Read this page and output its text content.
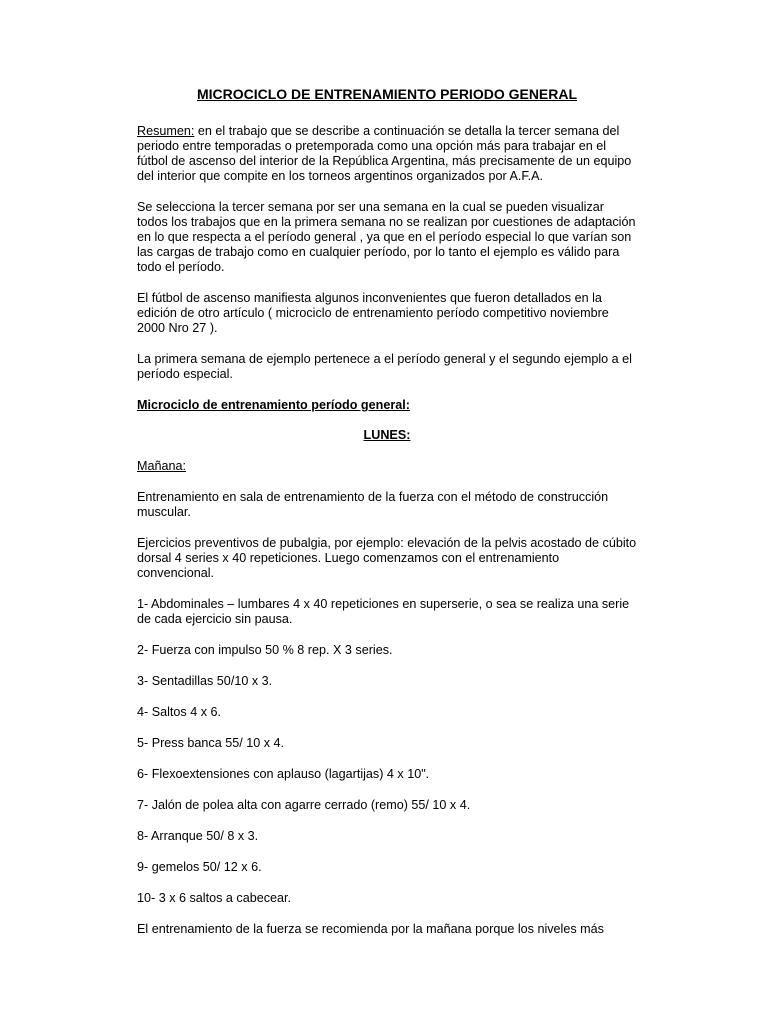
MICROCICLO DE ENTRENAMIENTO PERIODO GENERAL

Resumen: en el trabajo que se describe a continuación se detalla la tercer semana del periodo entre temporadas o pretemporada como una opción más para trabajar en el fútbol de ascenso del interior de la República Argentina, más precisamente de un equipo del interior que compite en los torneos argentinos organizados por A.F.A.

Se selecciona la tercer semana por ser una semana en la cual se pueden visualizar todos los trabajos que en la primera semana no se realizan por cuestiones de adaptación en lo que respecta a el período general , ya que en el período especial lo que varían son las cargas de trabajo como en cualquier período, por lo tanto el ejemplo es válido para todo el período.

El fútbol de ascenso manifiesta algunos inconvenientes que fueron detallados en la edición de otro artículo ( microciclo de entrenamiento período competitivo noviembre 2000 Nro 27 ).

La primera semana de ejemplo pertenece a el período general y el segundo ejemplo a el período especial.

Microciclo de entrenamiento período general:
LUNES:

Mañana:

Entrenamiento en sala de entrenamiento de la fuerza con el método de construcción muscular.

Ejercicios preventivos de pubalgia, por ejemplo: elevación de la pelvis acostado de cúbito dorsal 4 series x 40 repeticiones. Luego comenzamos con el entrenamiento convencional.

1- Abdominales – lumbares 4 x 40 repeticiones en superserie, o sea se realiza una serie de cada ejercicio sin pausa.
2- Fuerza con impulso 50 % 8 rep. X 3 series.
3- Sentadillas 50/10 x 3.
4- Saltos 4 x 6.
5- Press banca 55/ 10 x 4.
6- Flexoextensiones con aplauso (lagartijas) 4 x 10".
7- Jalón de polea alta con agarre cerrado (remo) 55/ 10 x 4.
8- Arranque 50/ 8 x 3.
9- gemelos 50/ 12 x 6.
10- 3 x 6 saltos a cabecear.

El entrenamiento de la fuerza se recomienda por la mañana porque los niveles más
